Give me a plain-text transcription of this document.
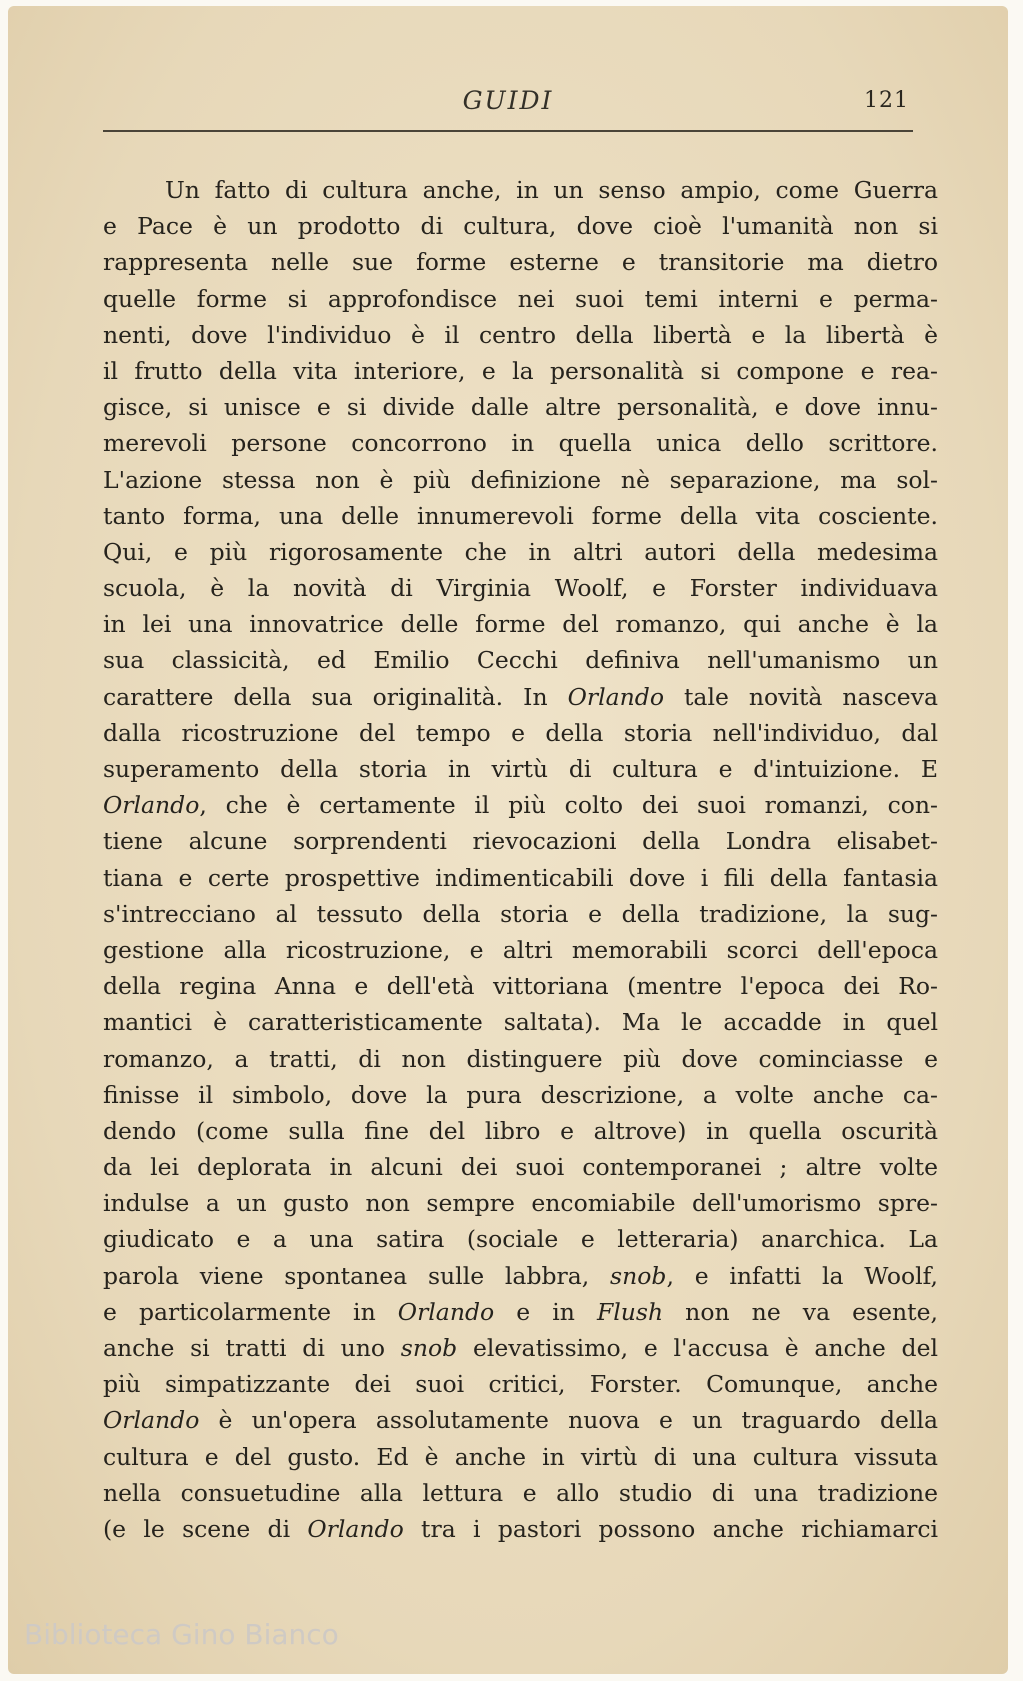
GUIDI	121
Un fatto di cultura anche, in un senso ampio, come Guerra
e Pace è un prodotto di cultura, dove cioè l'umanità non si
rappresenta nelle sue forme esterne e transitorie ma dietro
quelle forme si approfondisce nei suoi temi interni e perma-
nenti, dove l'individuo è il centro della libertà e la libertà è
il frutto della vita interiore, e la personalità si compone e rea-
gisce, si unisce e si divide dalle altre personalità, e dove innu-
merevoli persone concorrono in quella unica dello scrittore.
L'azione stessa non è più definizione nè separazione, ma sol-
tanto forma, una delle innumerevoli forme della vita cosciente.
Qui, e più rigorosamente che in altri autori della medesima
scuola, è la novità di Virginia Woolf, e Forster individuava
in lei una innovatrice delle forme del romanzo, qui anche è la
sua classicità, ed Emilio Cecchi definiva nell'umanismo un
carattere della sua originalità. In Orlando tale novità nasceva
dalla ricostruzione del tempo e della storia nell'individuo, dal
superamento della storia in virtù di cultura e d'intuizione. E
Orlando, che è certamente il più colto dei suoi romanzi, con-
tiene alcune sorprendenti rievocazioni della Londra elisabet-
tiana e certe prospettive indimenticabili dove i fili della fantasia
s'intrecciano al tessuto della storia e della tradizione, la sug-
gestione alla ricostruzione, e altri memorabili scorci dell'epoca
della regina Anna e dell'età vittoriana (mentre l'epoca dei Ro-
mantici è caratteristicamente saltata). Ma le accadde in quel
romanzo, a tratti, di non distinguere più dove cominciasse e
finisse il simbolo, dove la pura descrizione, a volte anche ca-
dendo (come sulla fine del libro e altrove) in quella oscurità
da lei deplorata in alcuni dei suoi contemporanei ; altre volte
indulse a un gusto non sempre encomiabile dell'umorismo spre-
giudicato e a una satira (sociale e letteraria) anarchica. La
parola viene spontanea sulle labbra, snob, e infatti la Woolf,
e particolarmente in Orlando e in Flush non ne va esente,
anche si tratti di uno snob elevatissimo, e l'accusa è anche del
più simpatizzante dei suoi critici, Forster. Comunque, anche
Orlando è un'opera assolutamente nuova e un traguardo della
cultura e del gusto. Ed è anche in virtù di una cultura vissuta
nella consuetudine alla lettura e allo studio di una tradizione
(e le scene di Orlando tra i pastori possono anche richiamarci
Biblioteca Gino Bianco
